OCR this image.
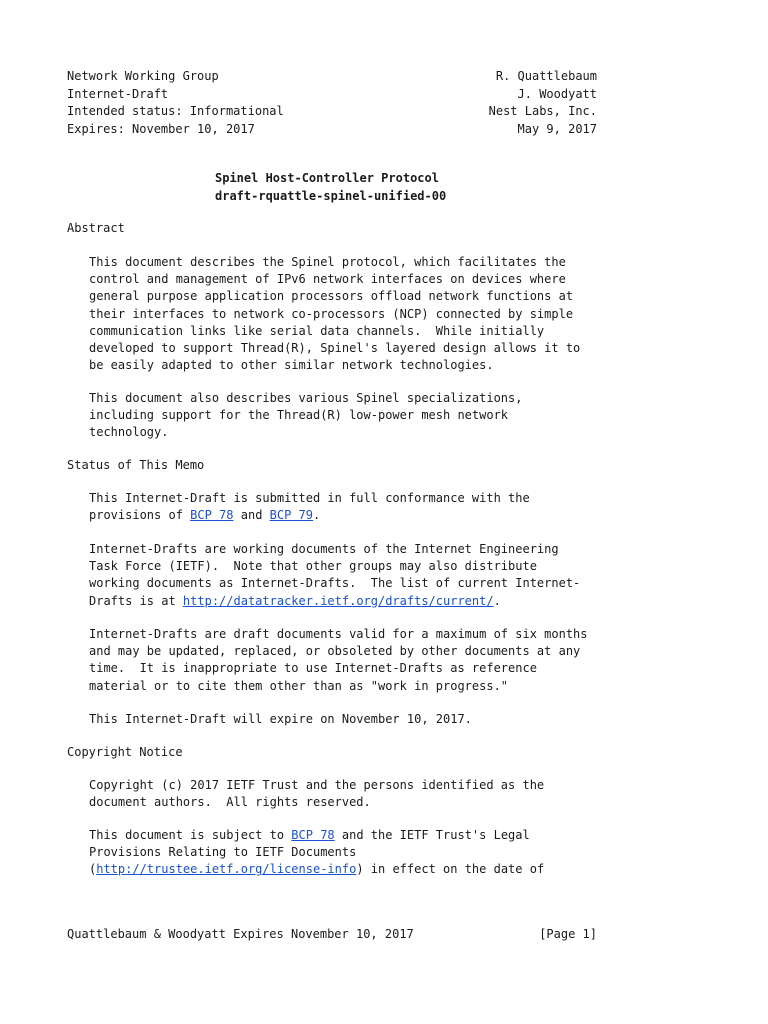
Network Working Group	R. Quattlebaum
Internet-Draft	J. Woodyatt
Intended status: Informational	Nest Labs, Inc.
Expires: November 10, 2017	May 9, 2017
Spinel Host-Controller Protocol
draft-rquattle-spinel-unified-00
Abstract
This document describes the Spinel protocol, which facilitates the
control and management of IPv6 network interfaces on devices where
general purpose application processors offload network functions at
their interfaces to network co-processors (NCP) connected by simple
communication links like serial data channels.  While initially
developed to support Thread(R), Spinel's layered design allows it to
be easily adapted to other similar network technologies.
This document also describes various Spinel specializations,
including support for the Thread(R) low-power mesh network
technology.
Status of This Memo
This Internet-Draft is submitted in full conformance with the
provisions of BCP 78 and BCP 79.
Internet-Drafts are working documents of the Internet Engineering
Task Force (IETF).  Note that other groups may also distribute
working documents as Internet-Drafts.  The list of current Internet-
Drafts is at http://datatracker.ietf.org/drafts/current/.
Internet-Drafts are draft documents valid for a maximum of six months
and may be updated, replaced, or obsoleted by other documents at any
time.  It is inappropriate to use Internet-Drafts as reference
material or to cite them other than as "work in progress."
This Internet-Draft will expire on November 10, 2017.
Copyright Notice
Copyright (c) 2017 IETF Trust and the persons identified as the
document authors.  All rights reserved.
This document is subject to BCP 78 and the IETF Trust's Legal
Provisions Relating to IETF Documents
(http://trustee.ietf.org/license-info) in effect on the date of
Quattlebaum & Woodyatt Expires November 10, 2017	[Page 1]
